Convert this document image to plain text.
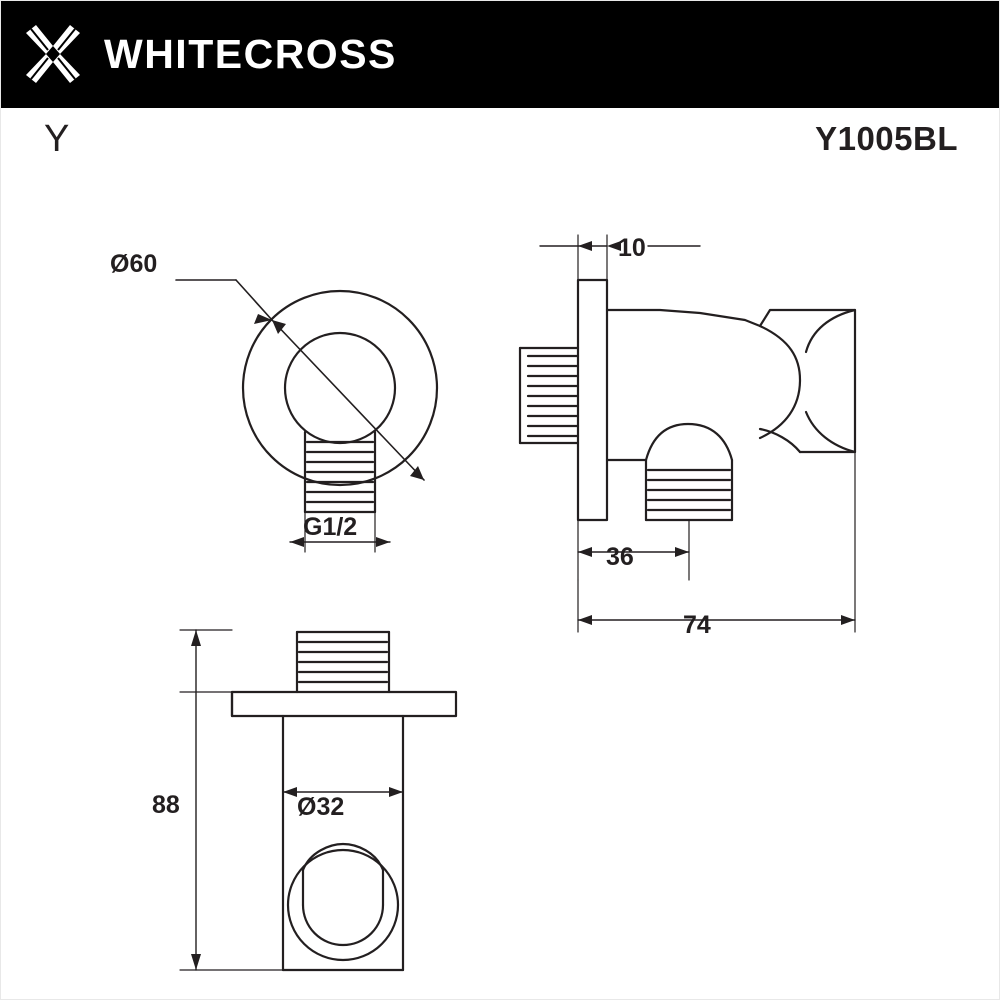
WHITECROSS
Y	Y1005BL
Ø60
G1/2
10
36
74
88	Ø32
